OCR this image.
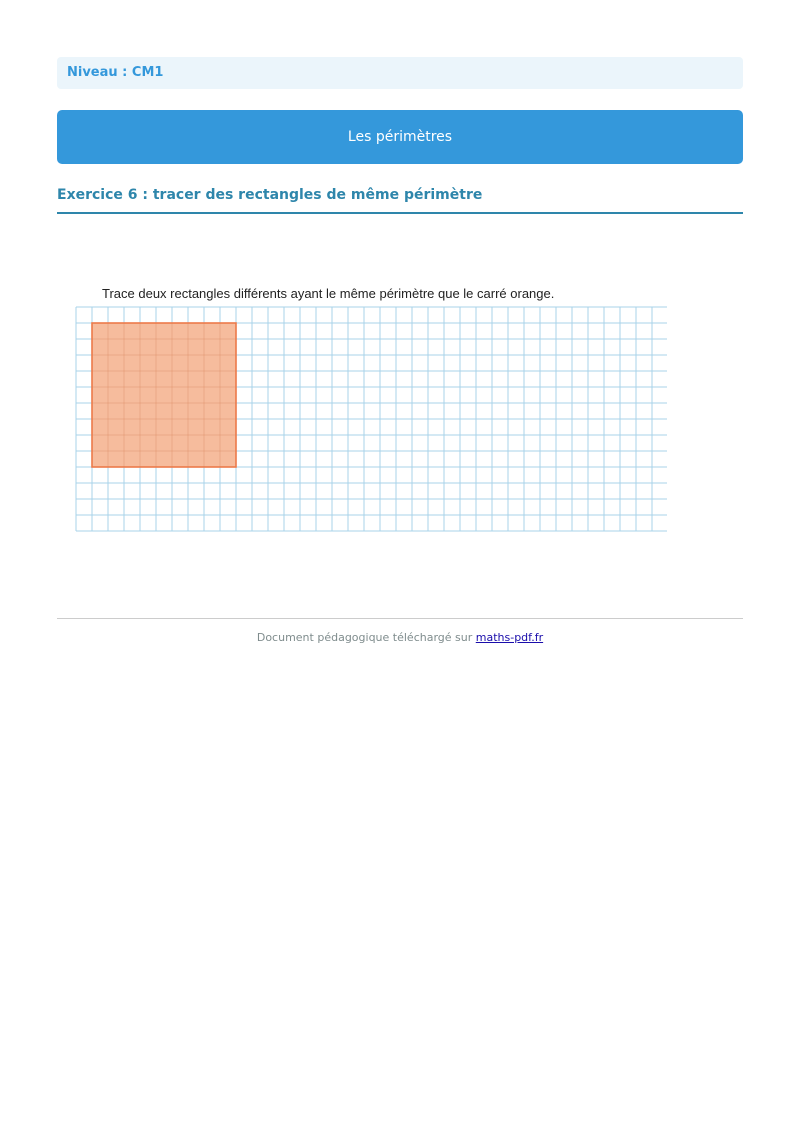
Niveau : CM1
Les périmètres
Exercice 6 : tracer des rectangles de même périmètre
Trace deux rectangles différents ayant le même périmètre que le carré orange.
Document pédagogique téléchargé sur maths-pdf.fr
